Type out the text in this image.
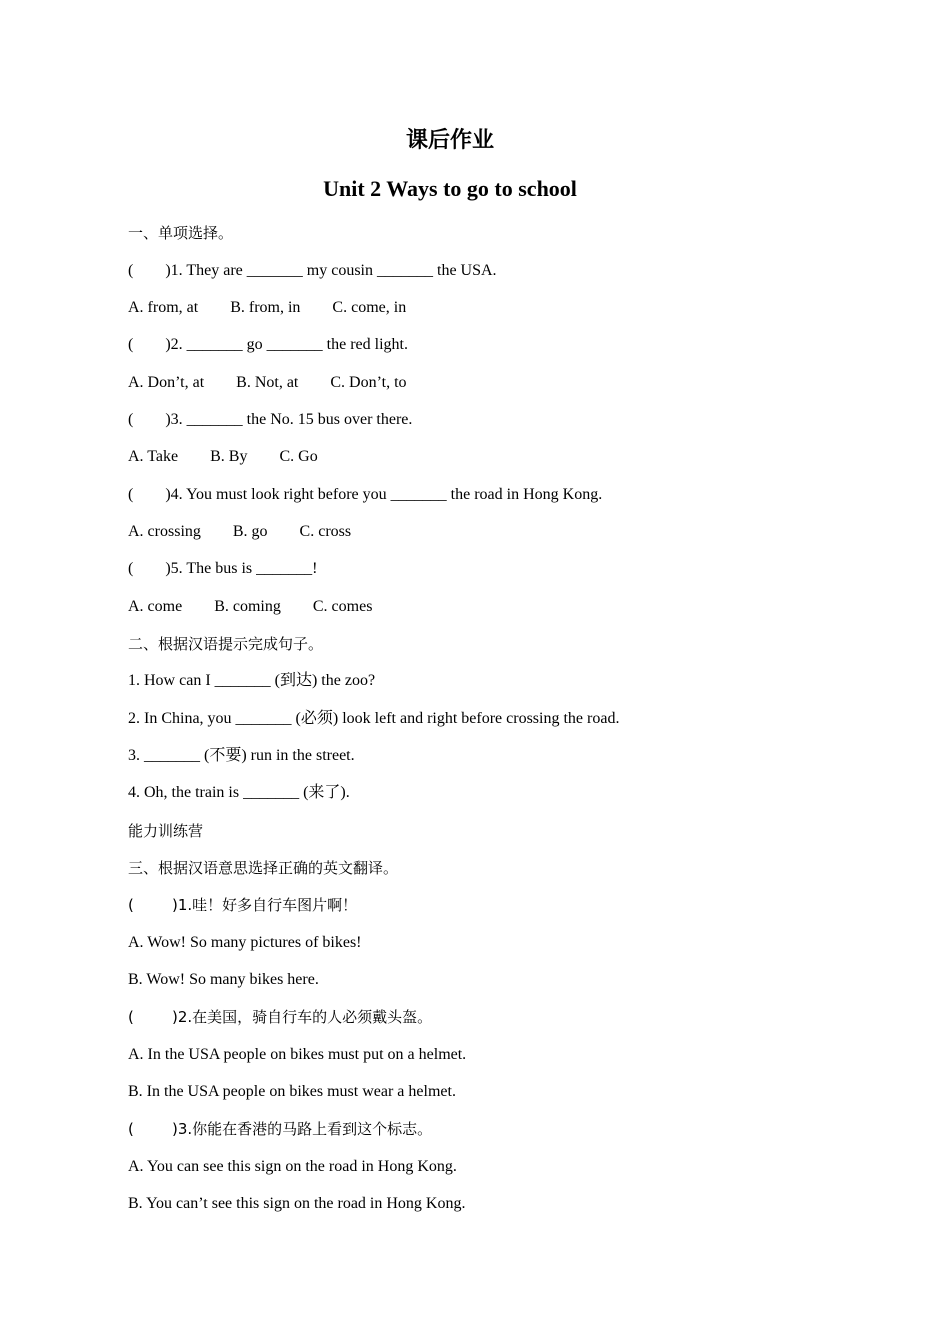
课后作业
Unit 2 Ways to go to school
一、单项选择。
(        )1. They are _______ my cousin _______ the USA.
A. from, at        B. from, in        C. come, in
(        )2. _______ go _______ the red light.
A. Don’t, at        B. Not, at        C. Don’t, to
(        )3. _______ the No. 15 bus over there.
A. Take        B. By        C. Go
(        )4. You must look right before you _______ the road in Hong Kong.
A. crossing        B. go        C. cross
(        )5. The bus is _______!
A. come        B. coming        C. comes
二、根据汉语提示完成句子。
1. How can I _______ (到达) the zoo?
2. In China, you _______ (必须) look left and right before crossing the road.
3. _______ (不要) run in the street.
4. Oh, the train is _______ (来了).
能力训练营
三、根据汉语意思选择正确的英文翻译。
(        )1.哇！好多自行车图片啊！
A. Wow! So many pictures of bikes!
B. Wow! So many bikes here.
(        )2.在美国，骑自行车的人必须戴头盔。
A. In the USA people on bikes must put on a helmet.
B. In the USA people on bikes must wear a helmet.
(        )3.你能在香港的马路上看到这个标志。
A. You can see this sign on the road in Hong Kong.
B. You can’t see this sign on the road in Hong Kong.
